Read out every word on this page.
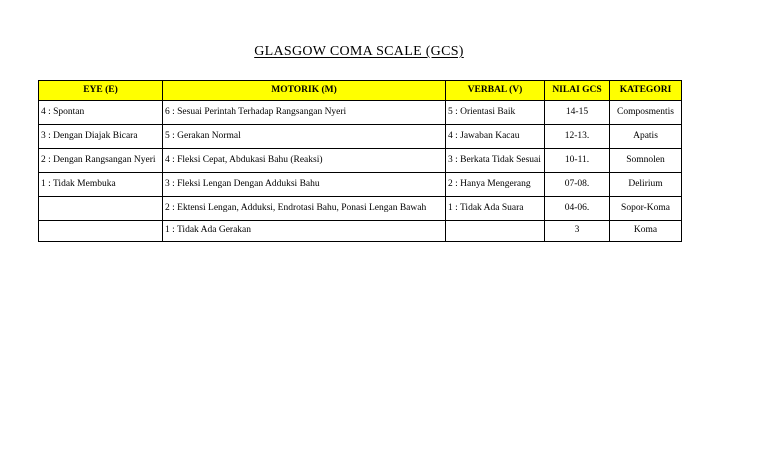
GLASGOW COMA SCALE (GCS)
EYE (E)	MOTORIK (M)	VERBAL (V)	NILAI GCS	KATEGORI
4 : Spontan	6 : Sesuai Perintah Terhadap Rangsangan Nyeri	5 : Orientasi Baik	14-15	Composmentis
3 : Dengan Diajak Bicara	5 : Gerakan Normal	4 : Jawaban Kacau	12-13.	Apatis
2 : Dengan Rangsangan Nyeri	4 : Fleksi Cepat, Abdukasi Bahu (Reaksi)	3 : Berkata Tidak Sesuai	10-11.	Somnolen
1 : Tidak Membuka	3 : Fleksi Lengan Dengan Adduksi Bahu	2 : Hanya Mengerang	07-08.	Delirium
	2 : Ektensi Lengan, Adduksi, Endrotasi Bahu, Ponasi Lengan Bawah	1 : Tidak Ada Suara	04-06.	Sopor-Koma
	1 : Tidak Ada Gerakan		3	Koma
